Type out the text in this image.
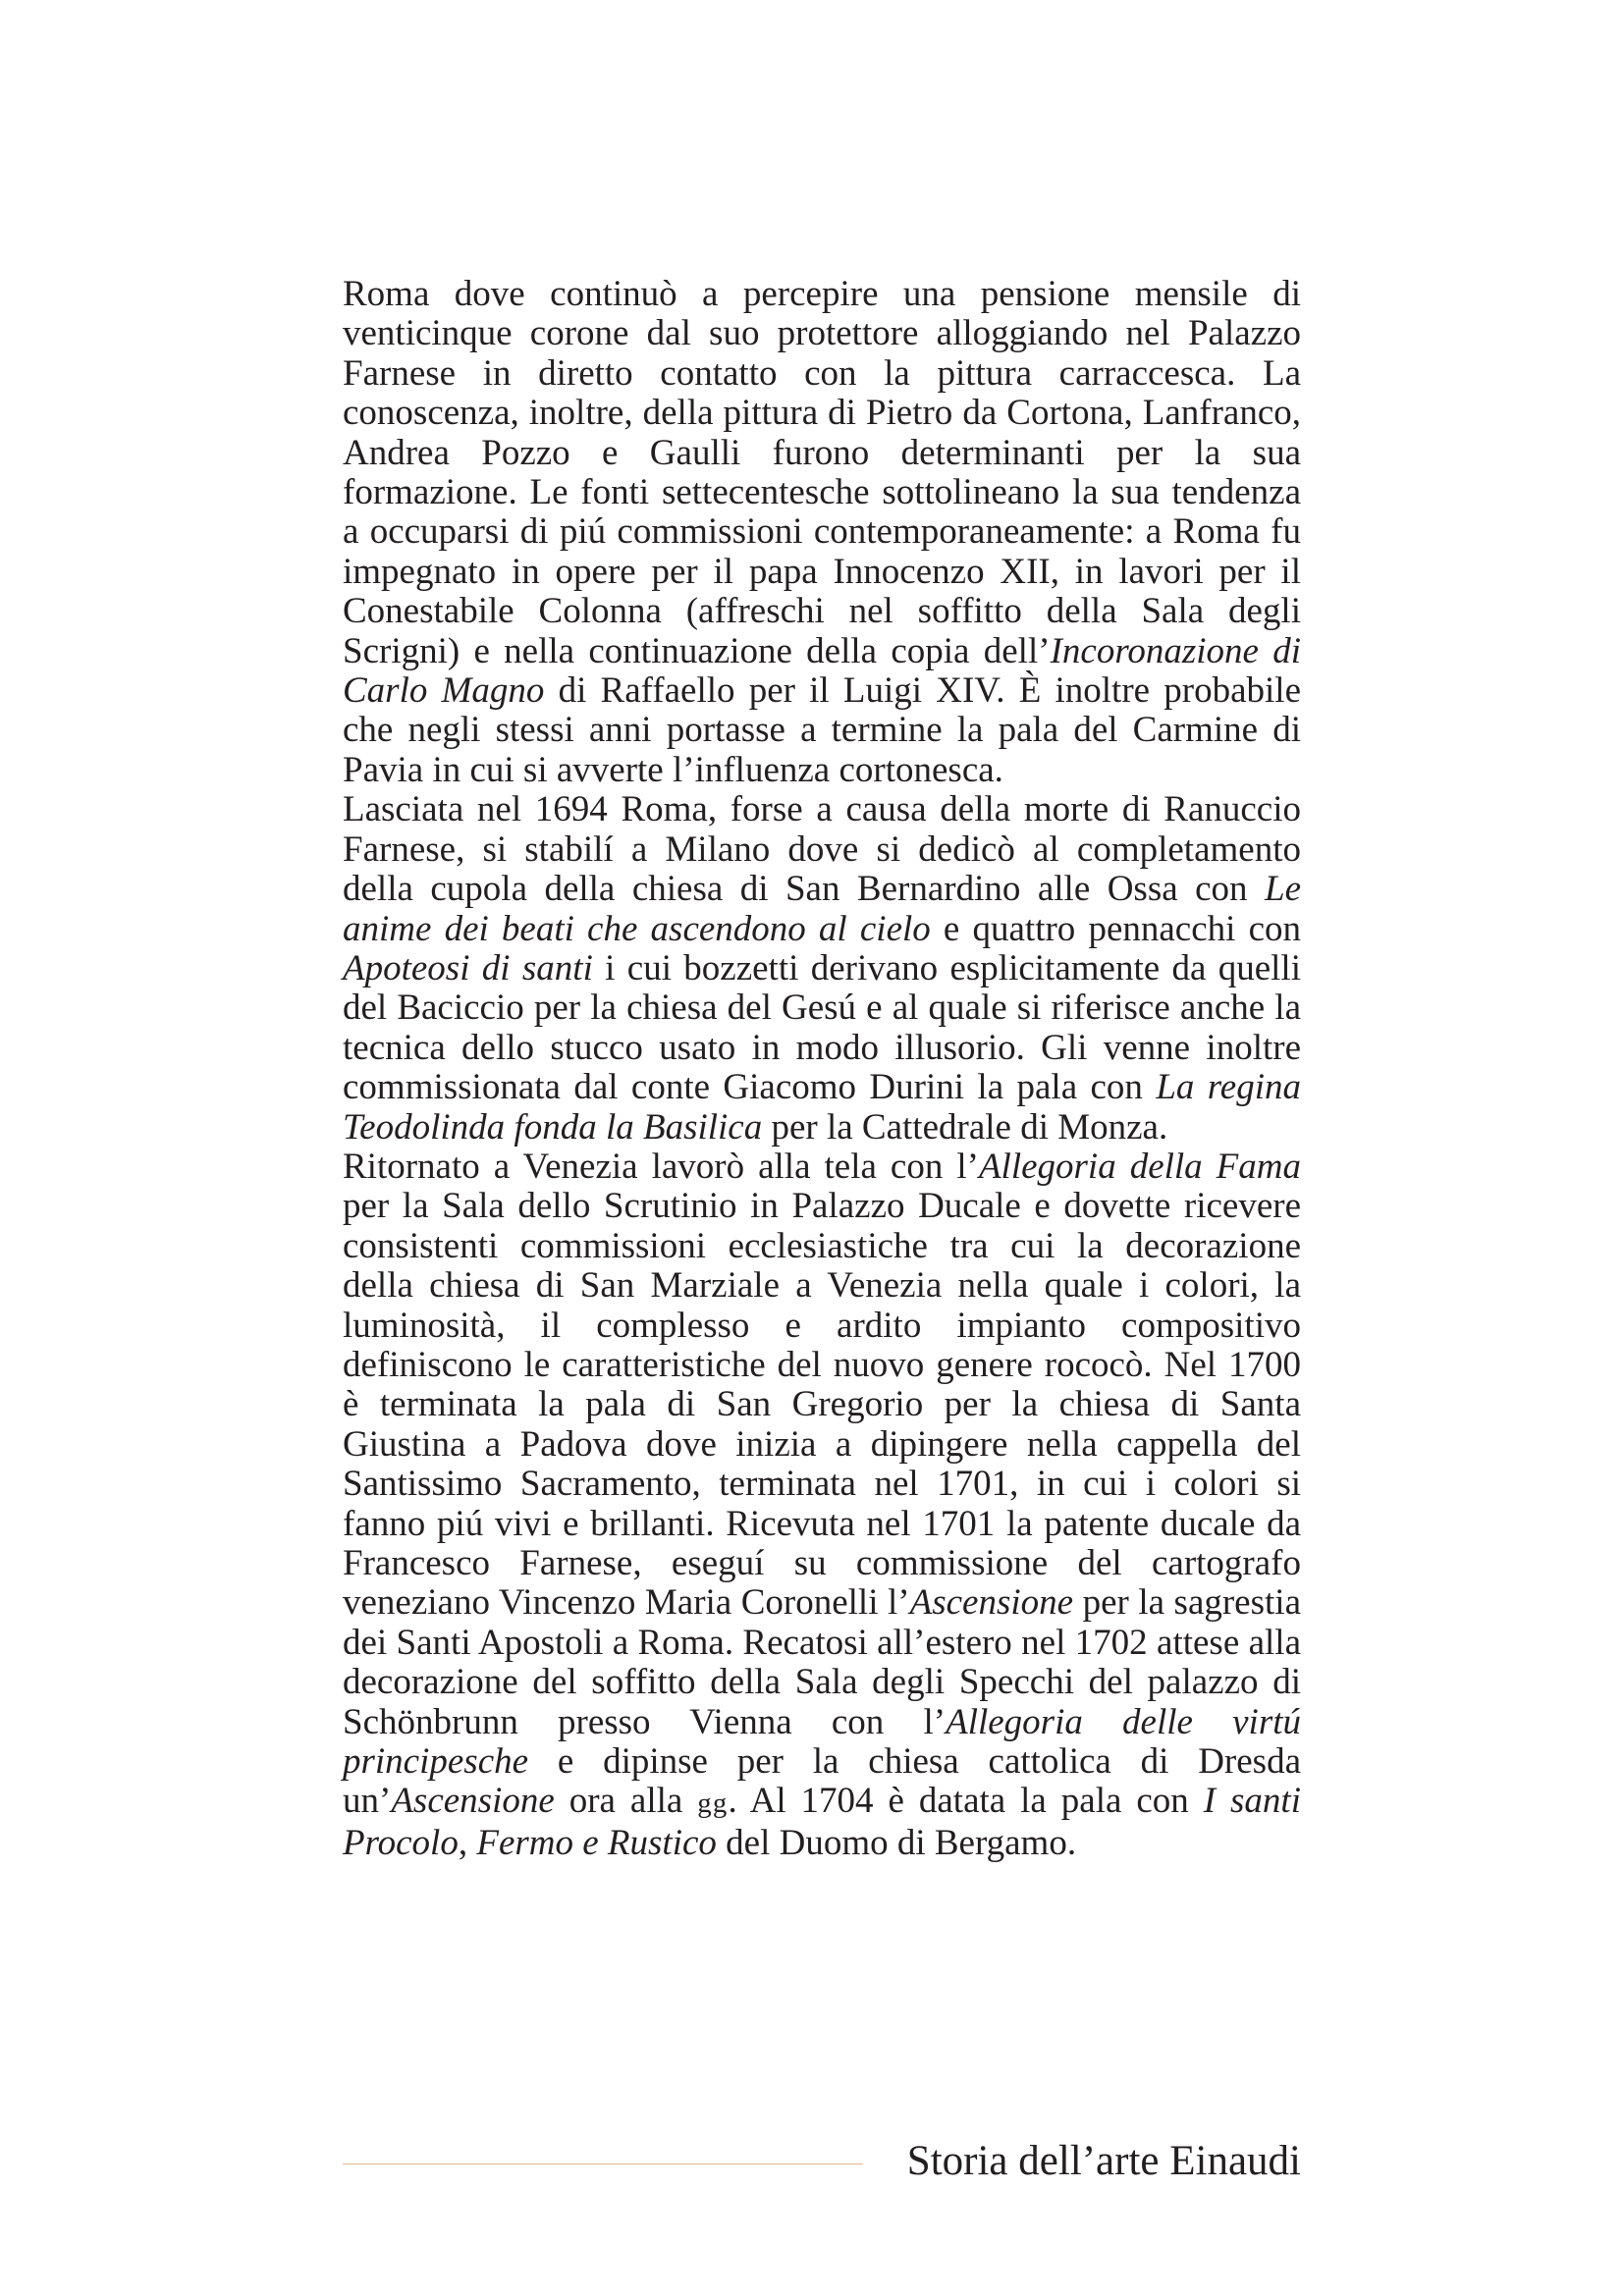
Roma dove continuò a percepire una pensione mensile di venticinque corone dal suo protettore alloggiando nel Palazzo Farnese in diretto contatto con la pittura carraccesca. La conoscenza, inoltre, della pittura di Pietro da Cortona, Lanfranco, Andrea Pozzo e Gaulli furono determinanti per la sua formazione. Le fonti settecentesche sottolineano la sua tendenza a occuparsi di piú commissioni contemporaneamente: a Roma fu impegnato in opere per il papa Innocenzo XII, in lavori per il Conestabile Colonna (affreschi nel soffitto della Sala degli Scrigni) e nella continuazione della copia dell’Incoronazione di Carlo Magno di Raffaello per il Luigi XIV. È inoltre probabile che negli stessi anni portasse a termine la pala del Carmine di Pavia in cui si avverte l’influenza cortonesca.

Lasciata nel 1694 Roma, forse a causa della morte di Ranuccio Farnese, si stabilí a Milano dove si dedicò al completamento della cupola della chiesa di San Bernardino alle Ossa con Le anime dei beati che ascendono al cielo e quattro pennacchi con Apoteosi di santi i cui bozzetti derivano esplicitamente da quelli del Baciccio per la chiesa del Gesú e al quale si riferisce anche la tecnica dello stucco usato in modo illusorio. Gli venne inoltre commissionata dal conte Giacomo Durini la pala con La regina Teodolinda fonda la Basilica per la Cattedrale di Monza.

Ritornato a Venezia lavorò alla tela con l’Allegoria della Fama per la Sala dello Scrutinio in Palazzo Ducale e dovette ricevere consistenti commissioni ecclesiastiche tra cui la decorazione della chiesa di San Marziale a Venezia nella quale i colori, la luminosità, il complesso e ardito impianto compositivo definiscono le caratteristiche del nuovo genere rococò. Nel 1700 è terminata la pala di San Gregorio per la chiesa di Santa Giustina a Padova dove inizia a dipingere nella cappella del Santissimo Sacramento, terminata nel 1701, in cui i colori si fanno piú vivi e brillanti. Ricevuta nel 1701 la patente ducale da Francesco Farnese, eseguí su commissione del cartografo veneziano Vincenzo Maria Coronelli l’Ascensione per la sagrestia dei Santi Apostoli a Roma. Recatosi all’estero nel 1702 attese alla decorazione del soffitto della Sala degli Specchi del palazzo di Schönbrunn presso Vienna con l’Allegoria delle virtú principesche e dipinse per la chiesa cattolica di Dresda un’Ascensione ora alla gg. Al 1704 è datata la pala con I santi Procolo, Fermo e Rustico del Duomo di Bergamo.

Storia dell’arte Einaudi
